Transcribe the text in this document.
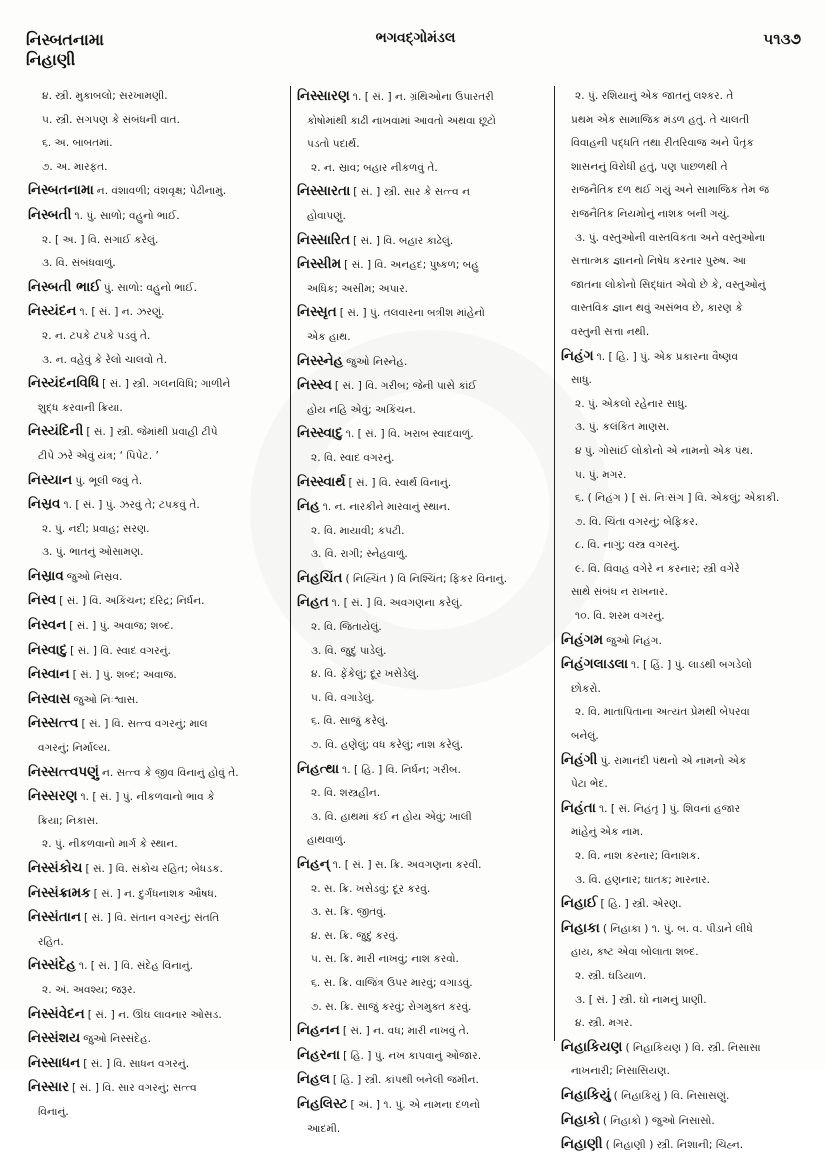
નિસ્બતનામા
નિહાણી
ભગવદ્ગોમંડલ	૫૧૩૭
૪. સ્ત્રી. મુકાબલો; સરખામણી.
૫. સ્ત્રી. સગપણ કે સંબંધની વાત.
૬. અ. બાબતમાં.
૭. અ. મારફત.
નિસ્બતનામા ન. વંશાવળી; વંશવૃક્ષ; પેઢીનામું.
નિસ્બતી ૧. પું. સાળો; વહુનો ભાઈ.
૨. [ અ. ] વિ. સગાઈ કરેલું.
૩. વિ. સંબંધવાળું.
નિસ્બતી ભાઈ પું. સાળો: વહુનો ભાઈ.
નિસ્યંદન ૧. [ સં. ] ન. ઝરણું.
૨. ન. ટપકે ટપકે પડવું તે.
૩. ન. વહેવું કે રેલો ચાલવો તે.
નિસ્યંદનવિધિ [ સં. ] સ્ત્રી. ગલનવિધિ; ગાળીને
શુદ્ધ કરવાની ક્રિયા.
નિસ્યંદિની [ સં. ] સ્ત્રી. જેમાંથી પ્રવાહી ટીપે
ટીપે ઝરે એવું યંત્ર; ‘ પિપેટ. ’
નિસ્યાન પું. ભૂલી જવું તે.
નિસ્રવ ૧. [ સં. ] પું. ઝરવું તે; ટપકવું તે.
૨. પું. નદી; પ્રવાહ; સરણ.
૩. પું. ભાતનું ઓસામણ.
નિસ્રાવ જુઓ નિસ્રવ.
નિસ્વ [ સં. ] વિ. અકિંચન; દરિદ્ર; નિર્ધન.
નિસ્વન [ સં. ] પું. અવાજ; શબ્દ.
નિસ્વાદુ [ સં. ] વિ. સ્વાદ વગરનું.
નિસ્વાન [ સં. ] પું. શબ્દ; અવાજ.
નિસ્વાસ જુઓ નિઃશ્વાસ.
નિસ્સત્ત્વ [ સં. ] વિ. સત્ત્વ વગરનું; માલ
વગરનું; નિર્માલ્ય.
નિસ્સત્ત્વપણું ન. સત્ત્વ કે જીવ વિનાનું હોવું તે.
નિસ્સરણ ૧. [ સં. ] પું. નીકળવાનો ભાવ કે
ક્રિયા; નિકાસ.
૨. પું. નીકળવાનો માર્ગ કે સ્થાન.
નિસ્સંકોચ [ સં. ] વિ. સંકોચ રહિત; બેધડક.
નિસ્સંક્રામક [ સં. ] ન. દુર્ગંધનાશક ઔષધ.
નિસ્સંતાન [ સં. ] વિ. સંતાન વગરનું; સંતતિ
રહિત.
નિસ્સંદેહ ૧. [ સં. ] વિ. સંદેહ વિનાનું.
૨. અં. અવશ્ય; જરૂર.
નિસ્સંવેદન [ સં. ] ન. ઊંઘ લાવનાર ઓસડ.
નિસ્સંશય જુઓ નિસ્સંદેહ.
નિસ્સાધન [ સં. ] વિ. સાધન વગરનું.
નિસ્સાર [ સં. ] વિ. સાર વગરનું; સત્ત્વ
વિનાનું.
નિસ્સારણ ૧. [ સં. ] ન. ગ્રંથિઓના ઉપારતરી
કોષોમાંથી કાઢી નાખવામાં આવતો અથવા છૂટો
પડતો પદાર્થ.
૨. ન. સ્રાવ; બહાર નીકળવું તે.
નિસ્સારતા [ સં. ] સ્ત્રી. સાર કે સત્ત્વ ન
હોવાપણું.
નિસ્સારિત [ સં. ] વિ. બહાર કાઢેલું.
નિસ્સીમ [ સં. ] વિ. અનહદ; પુષ્કળ; બહુ
અધિક; અસીમ; અપાર.
નિસ્સૃત [ સં. ] પું. તલવારના બત્રીશ માંહેનો
એક હાથ.
નિસ્સ્નેહ જુઓ નિસ્નેહ.
નિસ્સ્વ [ સં. ] વિ. ગરીબ; જેની પાસે કાંઈ
હોય નહિ એવું; અકિંચન.
નિસ્સ્વાદુ ૧. [ સં. ] વિ. ખરાબ સ્વાદવાળું.
૨. વિ. સ્વાદ વગરનું.
નિસ્સ્વાર્થ [ સં. ] વિ. સ્વાર્થ વિનાનું.
નિહ ૧. ન. નારકીને મારવાનું સ્થાન.
૨. વિ. માયાવી; કપટી.
૩. વિ. રાગી; સ્નેહવાળું.
નિહચિંત ( નિહ્ચિંત ) વિ નિશ્ચિંત; ફિકર વિનાનું.
નિહત ૧. [ સં. ] વિ. અવગણના કરેલું.
૨. વિ. જિતાયેલું.
૩. વિ. જુદું પાડેલું.
૪. વિ. ફેંકેલું; દૂર ખસેડેલું.
૫. વિ. વગાડેલું.
૬. વિ. સાજું કરેલું.
૭. વિ. હણેલું; વધ કરેલું; નાશ કરેલું.
નિહત્થા ૧. [ હિ. ] વિ. નિર્ધન; ગરીબ.
૨. વિ. શસ્ત્રહીન.
૩. વિ. હાથમાં કંઈ ન હોય એવું; ખાલી
હાથવાળું.
નિહન્ ૧. [ સં. ] સ. ક્રિ. અવગણના કરવી.
૨. સ. ક્રિ. ખસેડવું; દૂર કરવું.
૩. સ. ક્રિ. જીતવું.
૪. સ. ક્રિ. જુદું કરવું.
૫. સ. ક્રિ. મારી નાખવું; નાશ કરવો.
૬. સ. ક્રિ. વાજિંત્ર ઉપર મારવું; વગાડવું.
૭. સ. ક્રિ. સાજું કરવું; રોગમુક્ત કરવું.
નિહનન [ સં. ] ન. વધ; મારી નાખવું તે.
નિહરના [ હિ. ] પું. નખ કાપવાનું ઓજાર.
નિહલ [ હિ. ] સ્ત્રી. કાંપથી બનેલી જમીન.
નિહલિસ્ટ [ અં. ] ૧. પું. એ નામના દળનો
આદમી.
૨. પું. રશિયાનું એક જાતનું લશ્કર. તે
પ્રથમ એક સામાજિક મંડળ હતું. તે ચાલતી
વિવાહની પદ્ધતિ તથા રીતરિવાજ અને પૈતૃક
શાસનનું વિરોધી હતું, પણ પાછળથી તે
રાજનૈતિક દળ થઈ ગયું અને સામાજિક તેમ જ
રાજનૈતિક નિયમોનું નાશક બની ગયું.
૩. પું. વસ્તુઓની વાસ્તવિકતા અને વસ્તુઓના
સત્તાત્મક જ્ઞાનનો નિષેધ કરનાર પુરુષ. આ
જાતના લોકોનો સિદ્ધાંત એવો છે કે, વસ્તુઓનું
વાસ્તવિક જ્ઞાન થવું અસંભવ છે, કારણ કે
વસ્તુની સત્તા નથી.
નિહંગ ૧. [ હિ. ] પું. એક પ્રકારના વૈષ્ણવ
સાધુ.
૨. પું. એકલો રહેનાર સાધુ.
૩. પું. કલંકિત માણસ.
૪ પું. ગોસાંઈ લોકોનો એ નામનો એક પંથ.
૫. પું. મગર.
૬. ( નિહંગ ) [ સં. નિઃસંગ ] વિ. એકલું; એકાકી.
૭. વિ. ચિંતા વગરનું; બેફિકર.
૮. વિ. નાગું; વસ્ત્ર વગરનું.
૯. વિ. વિવાહ વગેરે ન કરનાર; સ્ત્રી વગેરે
સાથે સંબંધ ન રાખનાર.
૧૦. વિ. શરમ વગરનું.
નિહંગમ જુઓ નિહંગ.
નિહંગલાડલા ૧. [ હિં. ] પું. લાડથી બગડેલો
છોકરો.
૨. વિ. માતાપિતાના અત્યંત પ્રેમથી બેપરવા
બનેલું.
નિહંગી પું. રામાનંદી પંથનો એ નામનો એક
પેટા ભેદ.
નિહંતા ૧. [ સં. નિહંતૃ ] પું. શિવનાં હજાર
માંહેનું એક નામ.
૨. વિ. નાશ કરનાર; વિનાશક.
૩. વિ. હણનાર; ઘાતક; મારનાર.
નિહાઈ [ હિ. ] સ્ત્રી. એરણ.
નિહાકા ( નિહાકા ) ૧. પું. બ. વ. પીડાને લીધે
હાય, કષ્ટ એવા બોલાતા શબ્દ.
૨. સ્ત્રી. ઘડિયાળ.
૩. [ સં. ] સ્ત્રી. ઘો નામનું પ્રાણી.
૪. સ્ત્રી. મગર.
નિહાકિયણ ( નિહાકિયણ ) વિ. સ્ત્રી. નિસાસા
નાખનારી; નિસાસિયણ.
નિહાકિયું ( નિહાકિયું ) વિ. નિસાસણું.
નિહાકો ( નિહાકો ) જુઓ નિસાસો.
નિહાણી ( નિહાણી ) સ્ત્રી. નિશાની; ચિહ્ન.
